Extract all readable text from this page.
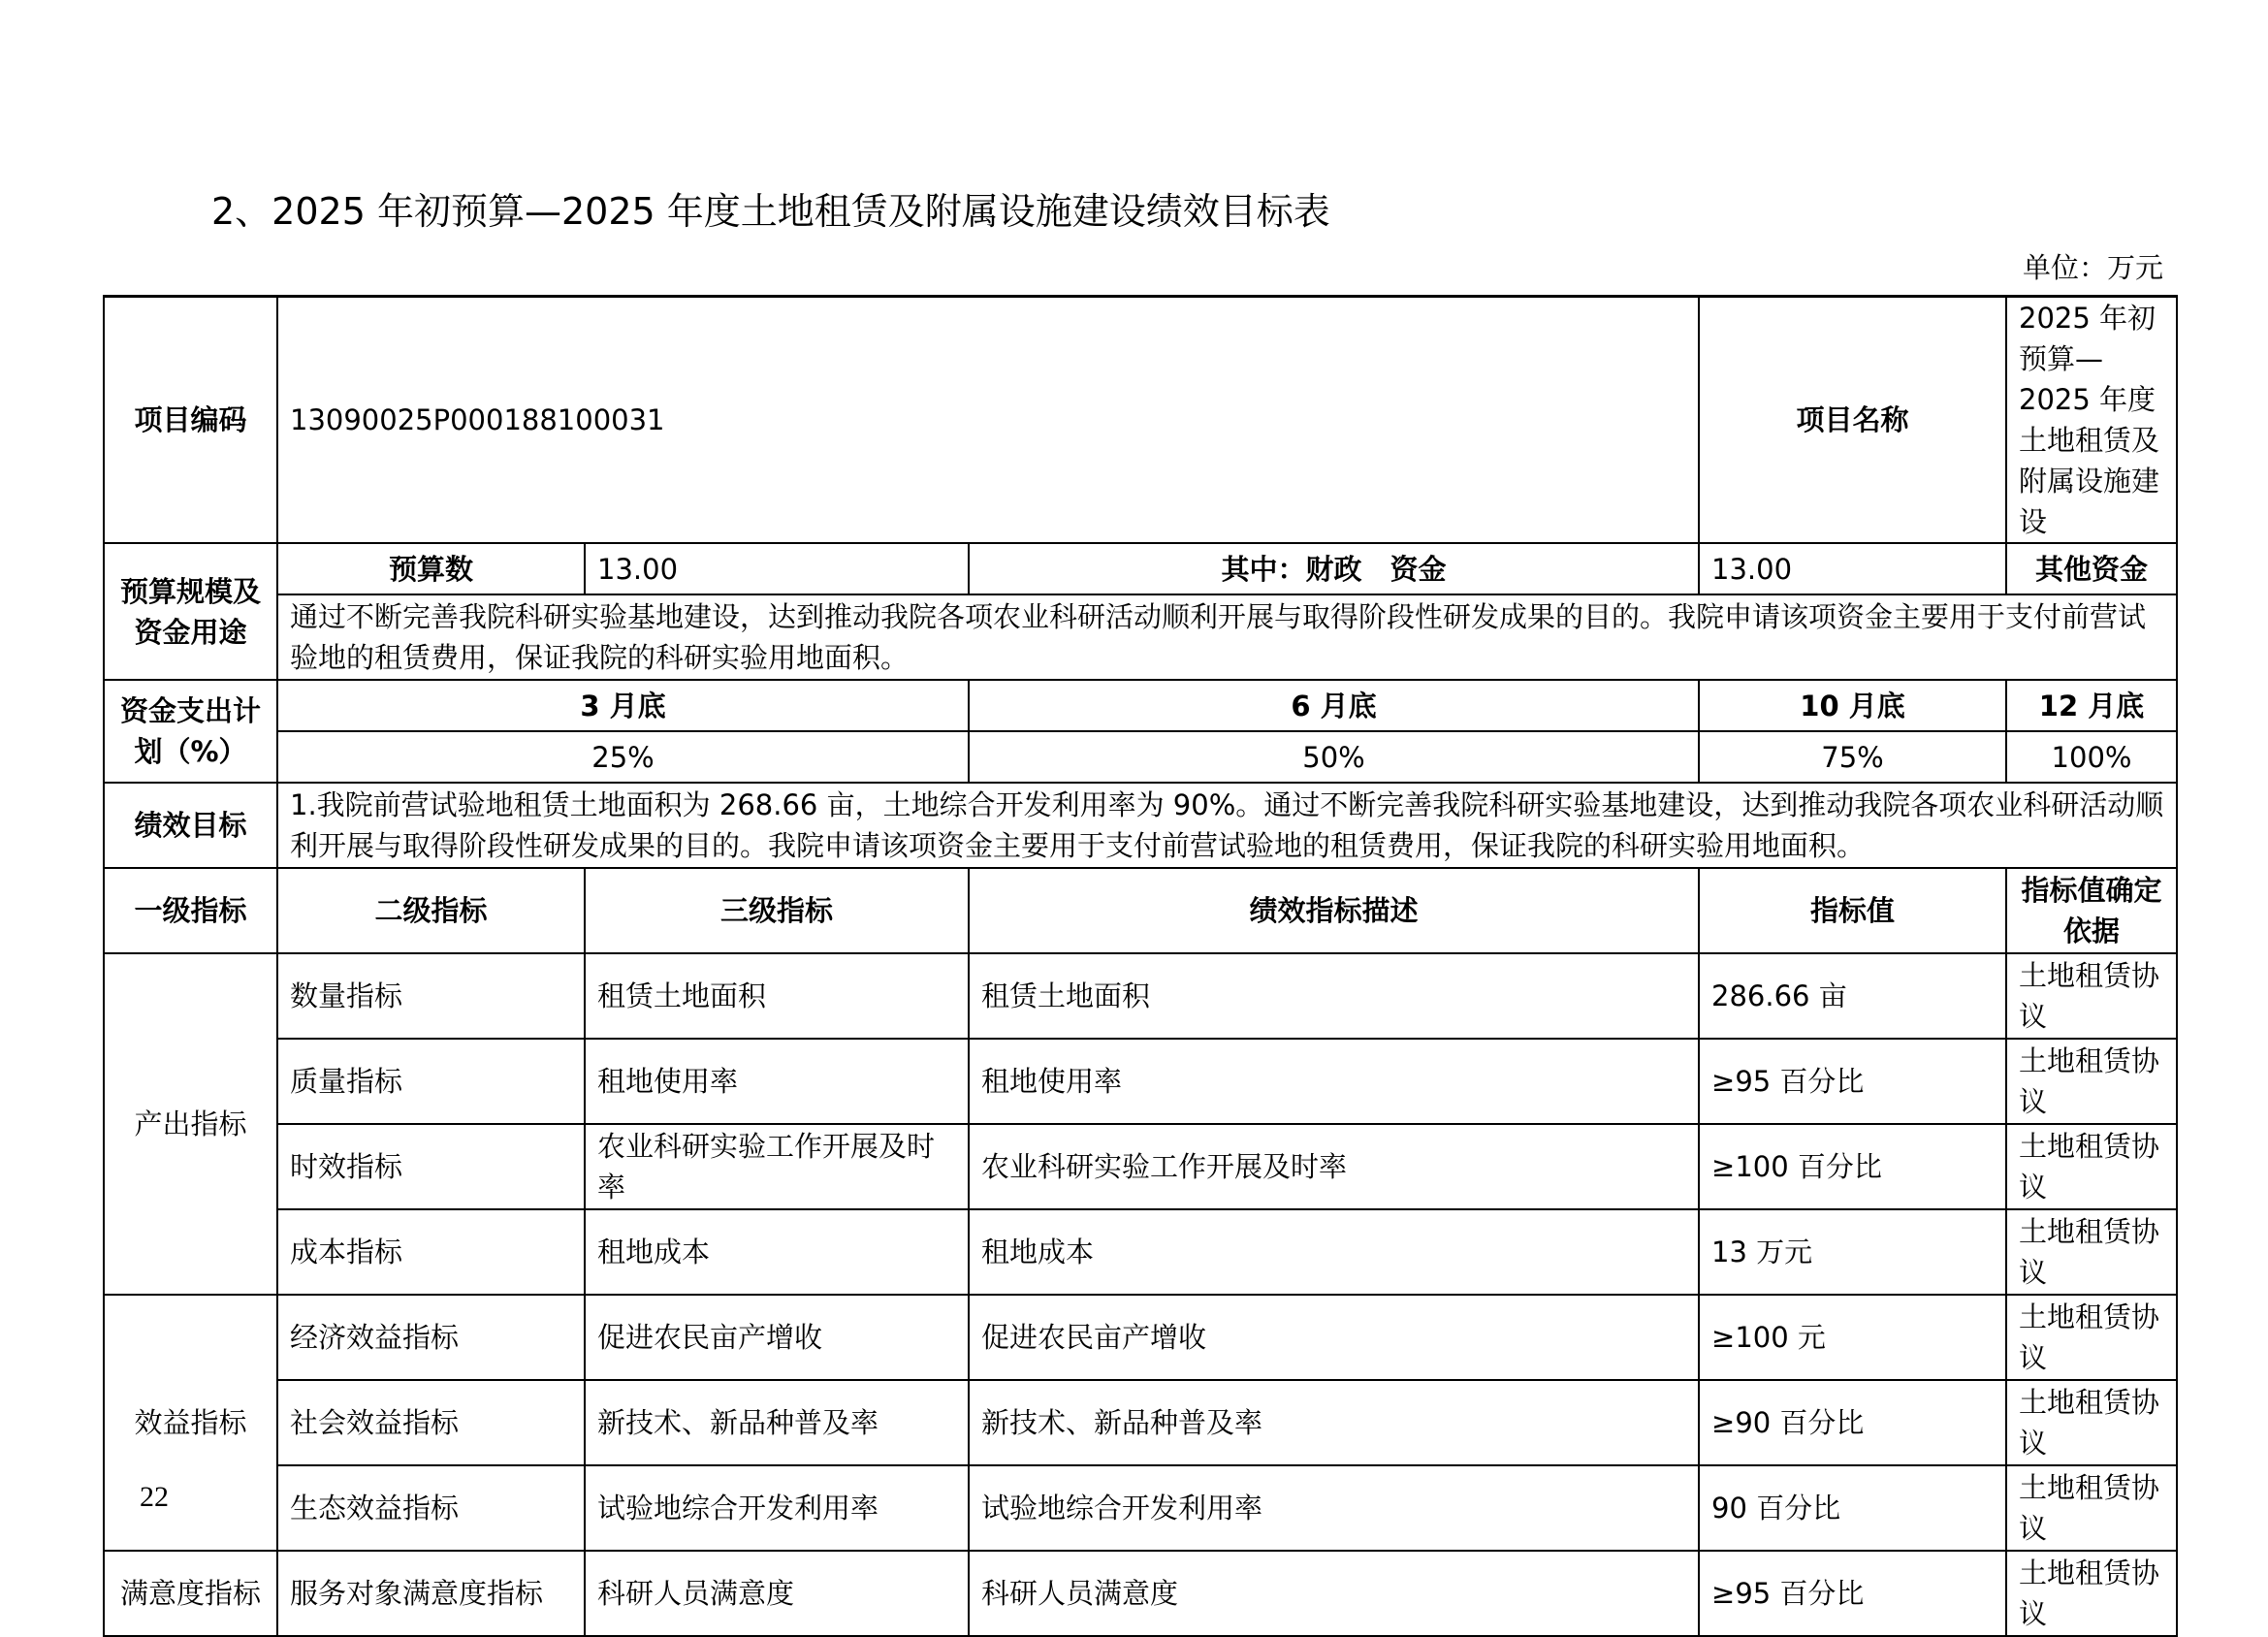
2、2025 年初预算—2025 年度土地租赁及附属设施建设绩效目标表
单位：万元
项目编码	13090025P000188100031			项目名称	2025 年初预算—2025 年度土地租赁及附属设施建设	
预算规模及资金用途	预算数	13.00	其中：财政　资金	13.00	其他资金	
	通过不断完善我院科研实验基地建设，达到推动我院各项农业科研活动顺利开展与取得阶段性研发成果的目的。我院申请该项资金主要用于支付前营试验地的租赁费用，保证我院的科研实验用地面积。					
资金支出计划（%）	3 月底		6 月底	10 月底	12 月底	
	25%		50%	75%	100%	
绩效目标	1.我院前营试验地租赁土地面积为 268.66 亩，土地综合开发利用率为 90%。通过不断完善我院科研实验基地建设，达到推动我院各项农业科研活动顺利开展与取得阶段性研发成果的目的。我院申请该项资金主要用于支付前营试验地的租赁费用，保证我院的科研实验用地面积。					
一级指标	二级指标	三级指标	绩效指标描述	指标值	指标值确定依据	
产出指标	数量指标	租赁土地面积	租赁土地面积	286.66 亩	土地租赁协议	
	质量指标	租地使用率	租地使用率	≥95 百分比	土地租赁协议	
	时效指标	农业科研实验工作开展及时率	农业科研实验工作开展及时率	≥100 百分比	土地租赁协议	
	成本指标	租地成本	租地成本	13 万元	土地租赁协议	
效益指标	经济效益指标	促进农民亩产增收	促进农民亩产增收	≥100 元	土地租赁协议	
	社会效益指标	新技术、新品种普及率	新技术、新品种普及率	≥90 百分比	土地租赁协议	
	生态效益指标	试验地综合开发利用率	试验地综合开发利用率	90 百分比	土地租赁协议	
满意度指标	服务对象满意度指标	科研人员满意度	科研人员满意度	≥95 百分比	土地租赁协议	
22
